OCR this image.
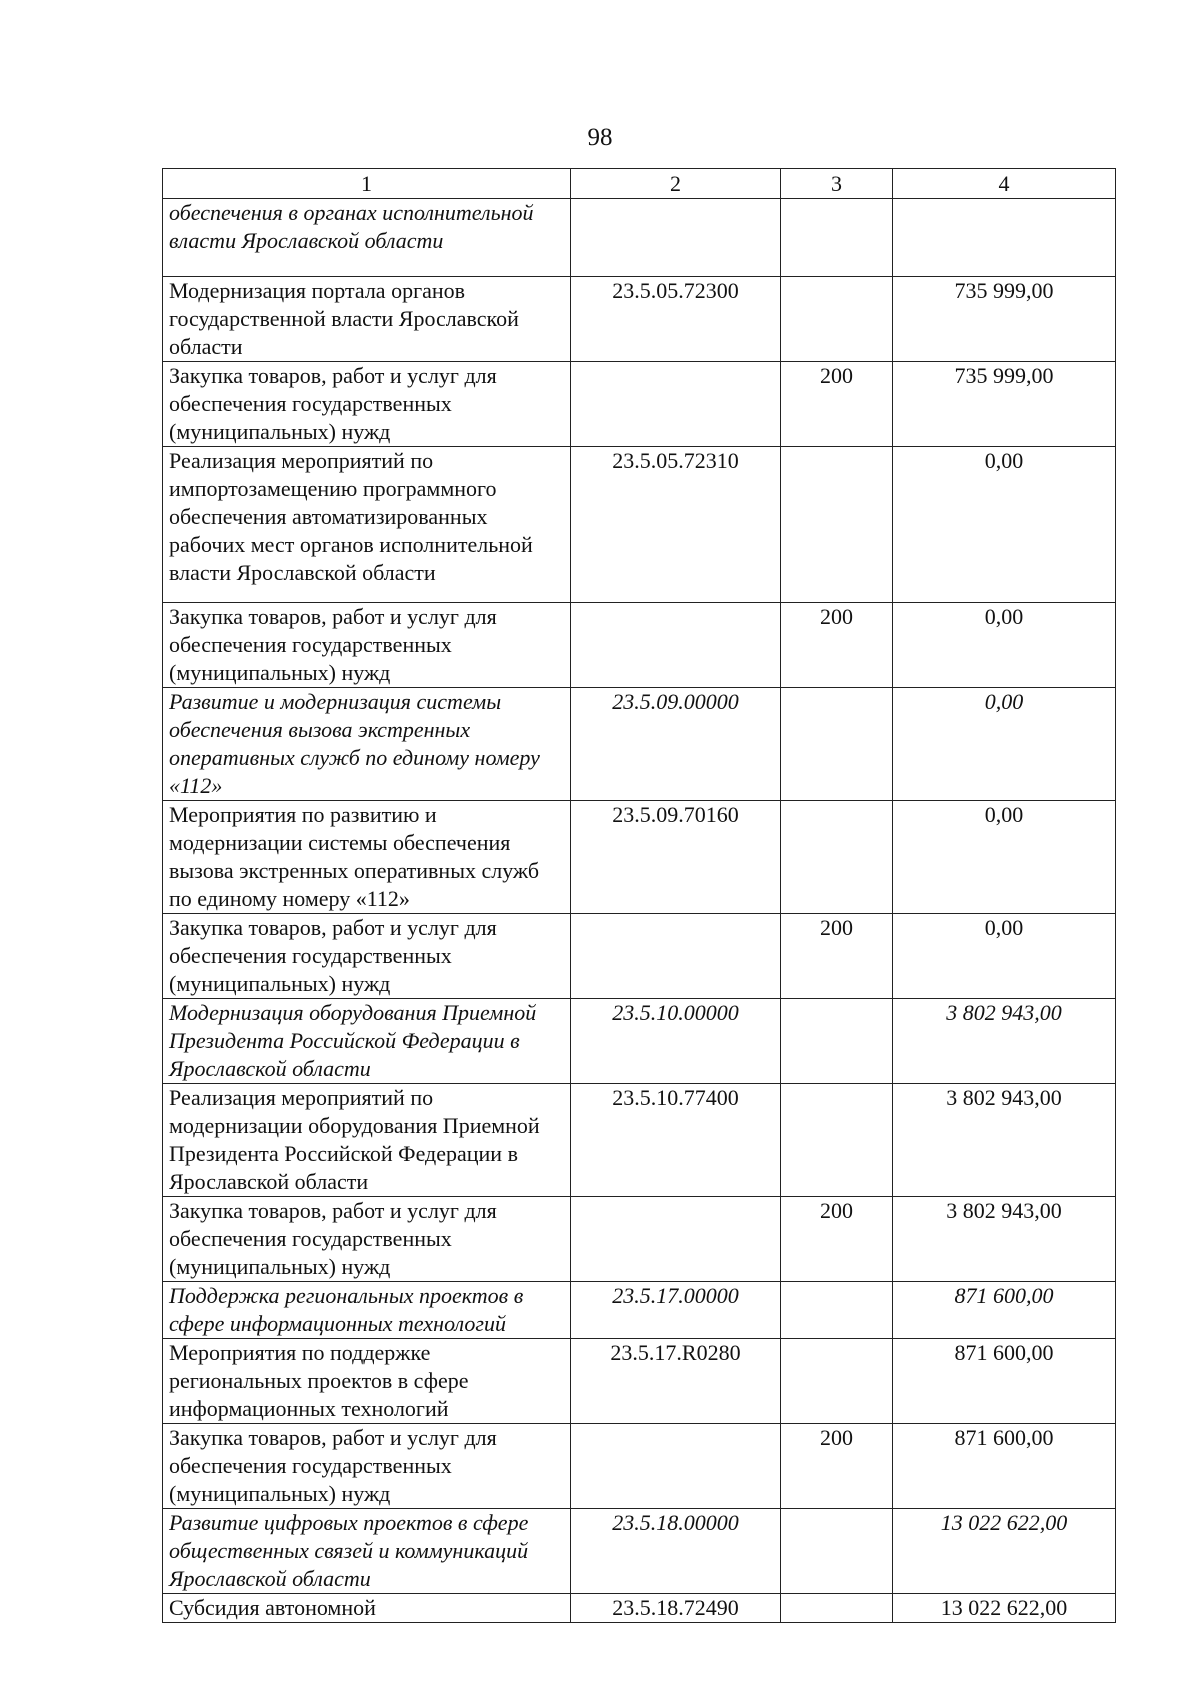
98
1	2	3	4
обеспечения в органах исполнительной власти Ярославской области			
Модернизация портала органов государственной власти Ярославской области	23.5.05.72300		735 999,00
Закупка товаров, работ и услуг для обеспечения государственных (муниципальных) нужд		200	735 999,00
Реализация мероприятий по импортозамещению программного обеспечения автоматизированных рабочих мест органов исполнительной власти Ярославской области	23.5.05.72310		0,00
Закупка товаров, работ и услуг для обеспечения государственных (муниципальных) нужд		200	0,00
Развитие и модернизация системы обеспечения вызова экстренных оперативных служб по единому номеру «112»	23.5.09.00000		0,00
Мероприятия по развитию и модернизации системы обеспечения вызова экстренных оперативных служб по единому номеру «112»	23.5.09.70160		0,00
Закупка товаров, работ и услуг для обеспечения государственных (муниципальных) нужд		200	0,00
Модернизация оборудования Приемной Президента Российской Федерации в Ярославской области	23.5.10.00000		3 802 943,00
Реализация мероприятий по модернизации оборудования Приемной Президента Российской Федерации в Ярославской области	23.5.10.77400		3 802 943,00
Закупка товаров, работ и услуг для обеспечения государственных (муниципальных) нужд		200	3 802 943,00
Поддержка региональных проектов в сфере информационных технологий	23.5.17.00000		871 600,00
Мероприятия по поддержке региональных проектов в сфере информационных технологий	23.5.17.R0280		871 600,00
Закупка товаров, работ и услуг для обеспечения государственных (муниципальных) нужд		200	871 600,00
Развитие цифровых проектов в сфере общественных связей и коммуникаций Ярославской области	23.5.18.00000		13 022 622,00
Субсидия автономной	23.5.18.72490		13 022 622,00
